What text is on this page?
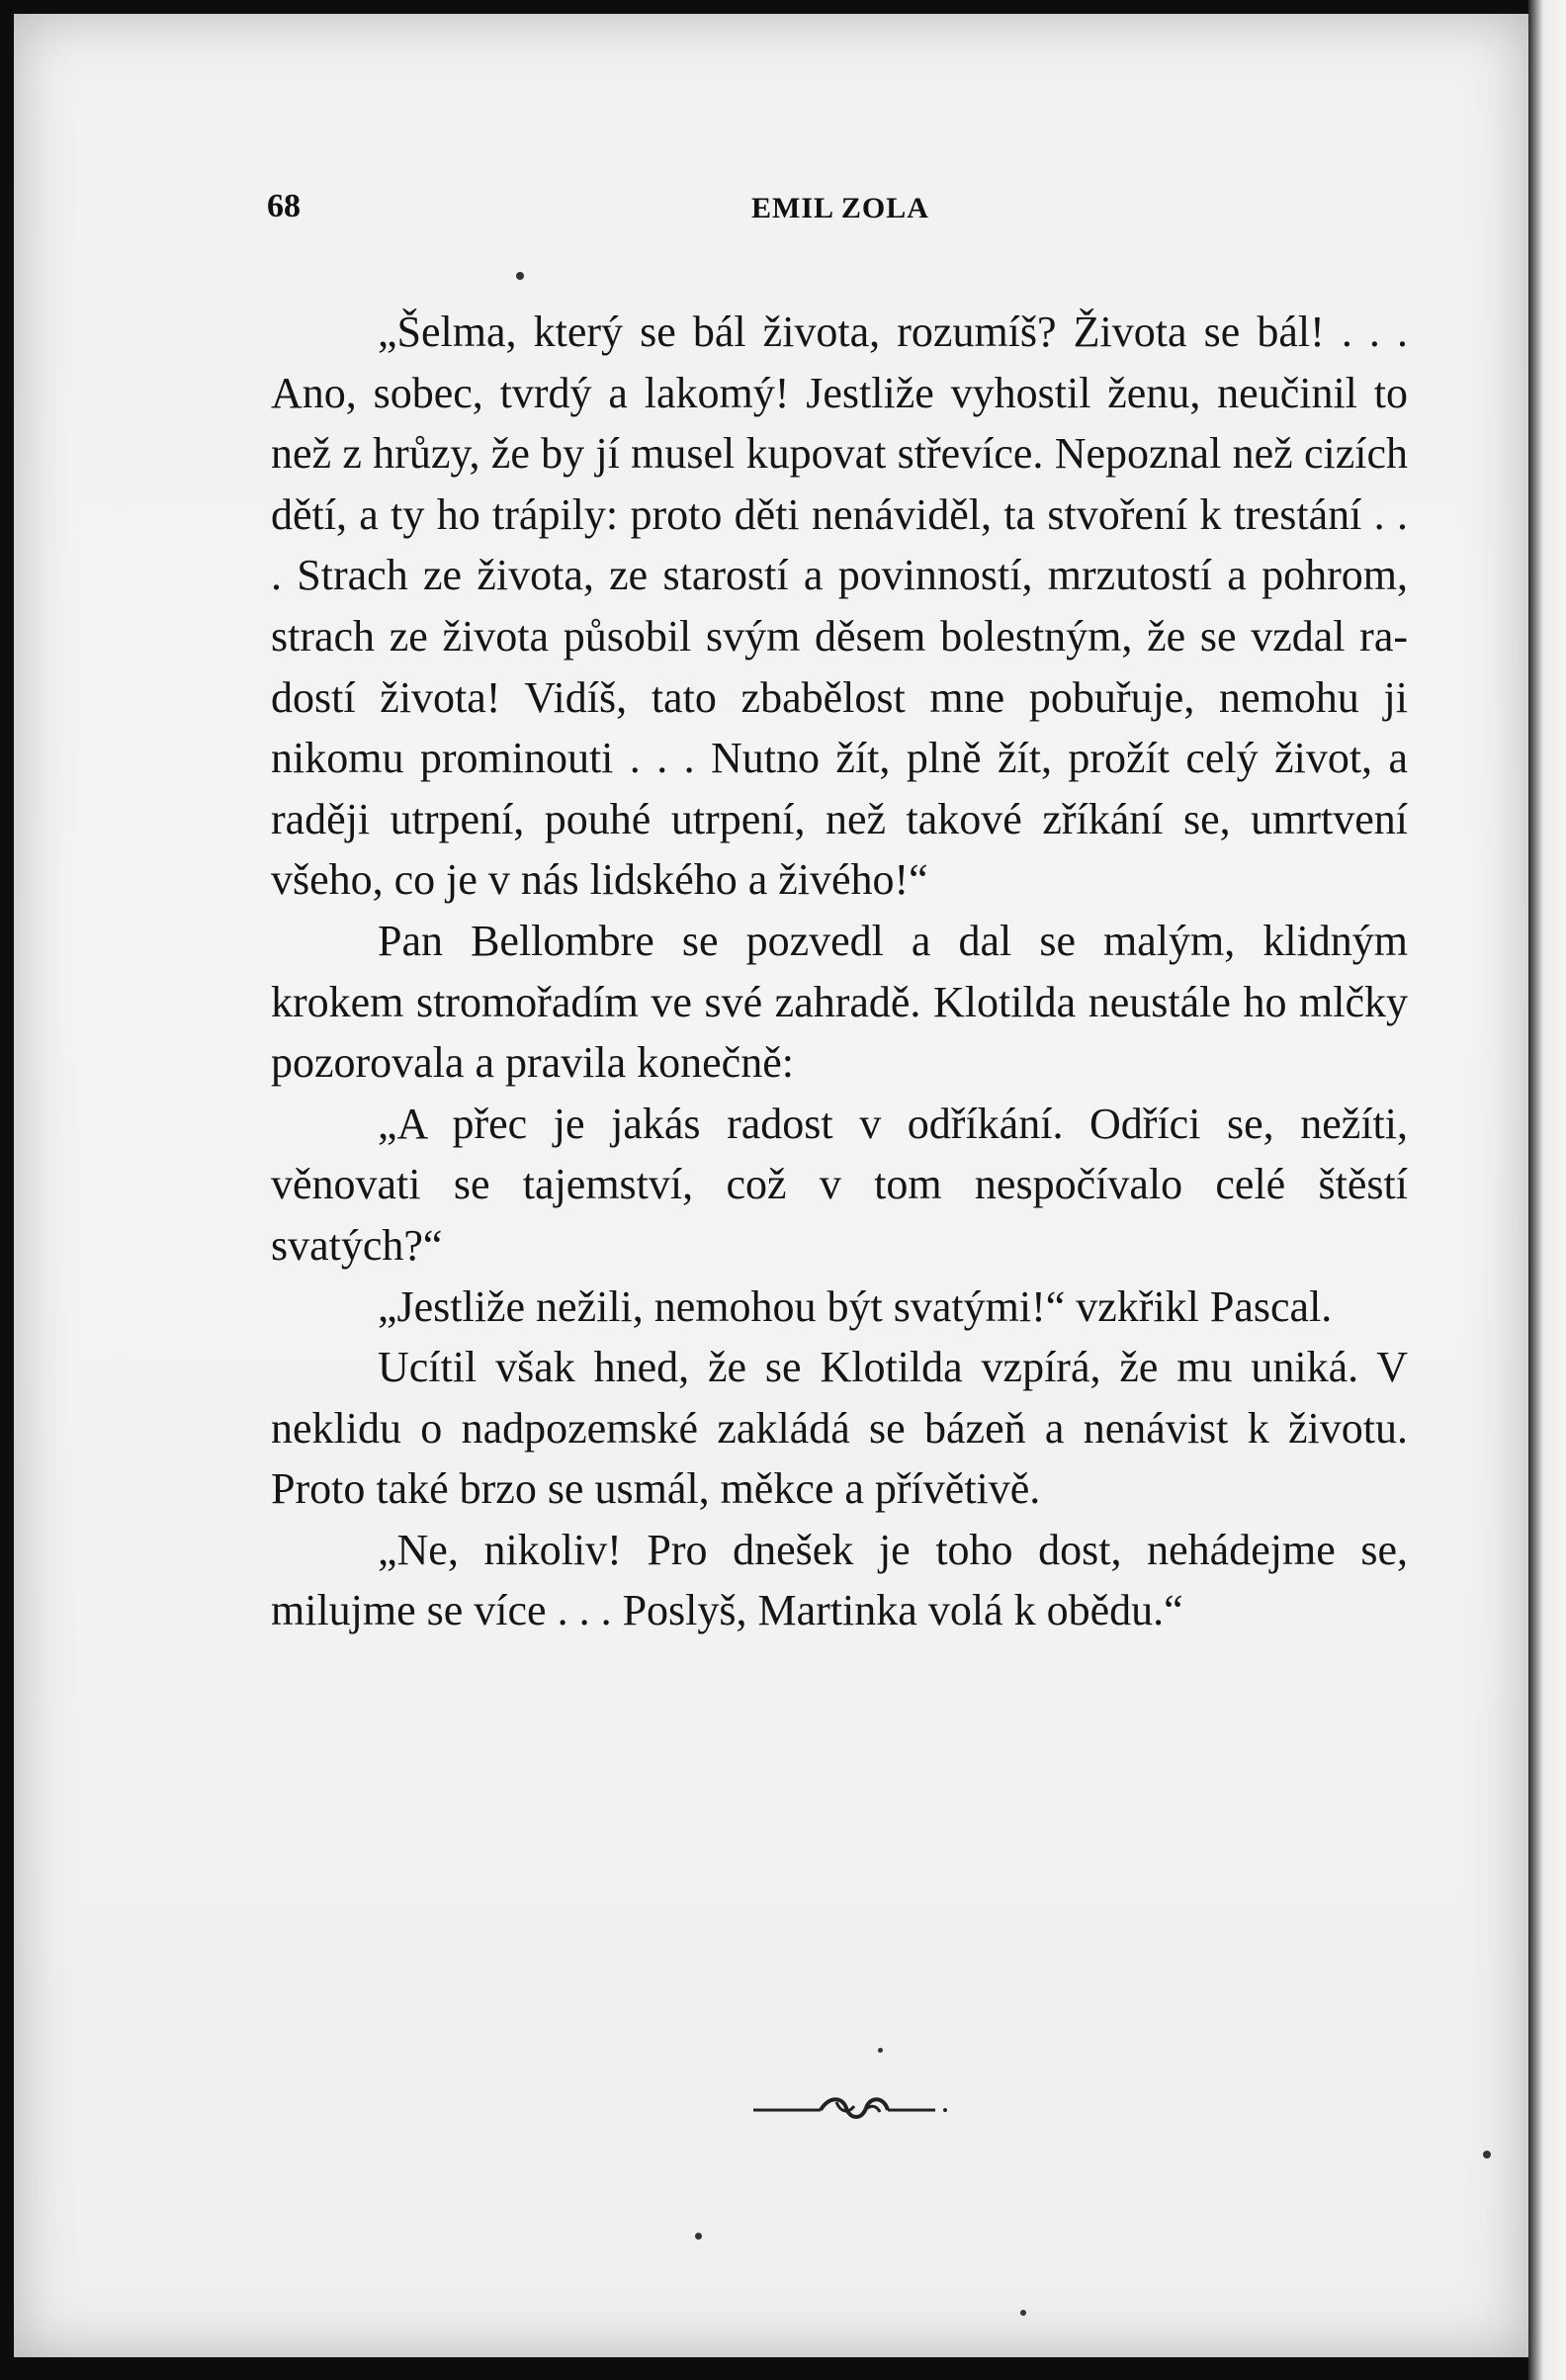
68	EMIL ZOLA

„Šelma, který se bál života, rozumíš? Života se bál! . . . Ano, sobec, tvrdý a lakomý! Jestliže vyhostil ženu, neučinil to než z hrůzy, že by jí musel kupovat střevíce. Nepoznal než cizích dětí, a ty ho trápily: proto děti nenáviděl, ta stvoření k trestání . . . Strach ze života, ze starostí a povinností, mrzutostí a pohrom, strach ze života působil svým děsem bolestným, že se vzdal radostí života! Vidíš, tato zbabělost mne pobuřuje, nemohu ji nikomu prominouti . . . Nutno žít, plně žít, prožít celý život, a raději utrpení, pouhé utrpení, než takové zříkání se, umrtvení všeho, co je v nás lidského a živého!“

Pan Bellombre se pozvedl a dal se malým, klidným krokem stromořadím ve své zahradě. Klotilda neustále ho mlčky pozorovala a pravila konečně:

„A přec je jakás radost v odříkání. Odříci se, nežíti, věnovati se tajemství, což v tom nespočívalo celé štěstí svatých?“

„Jestliže nežili, nemohou být svatými!“ vzkřikl Pascal.

Ucítil však hned, že se Klotilda vzpírá, že mu uniká. V neklidu o nadpozemské zakládá se bázeň a nenávist k životu. Proto také brzo se usmál, měkce a přívětivě.

„Ne, nikoliv! Pro dnešek je toho dost, nehádejme se, milujme se více . . . Poslyš, Martinka volá k obědu.“
